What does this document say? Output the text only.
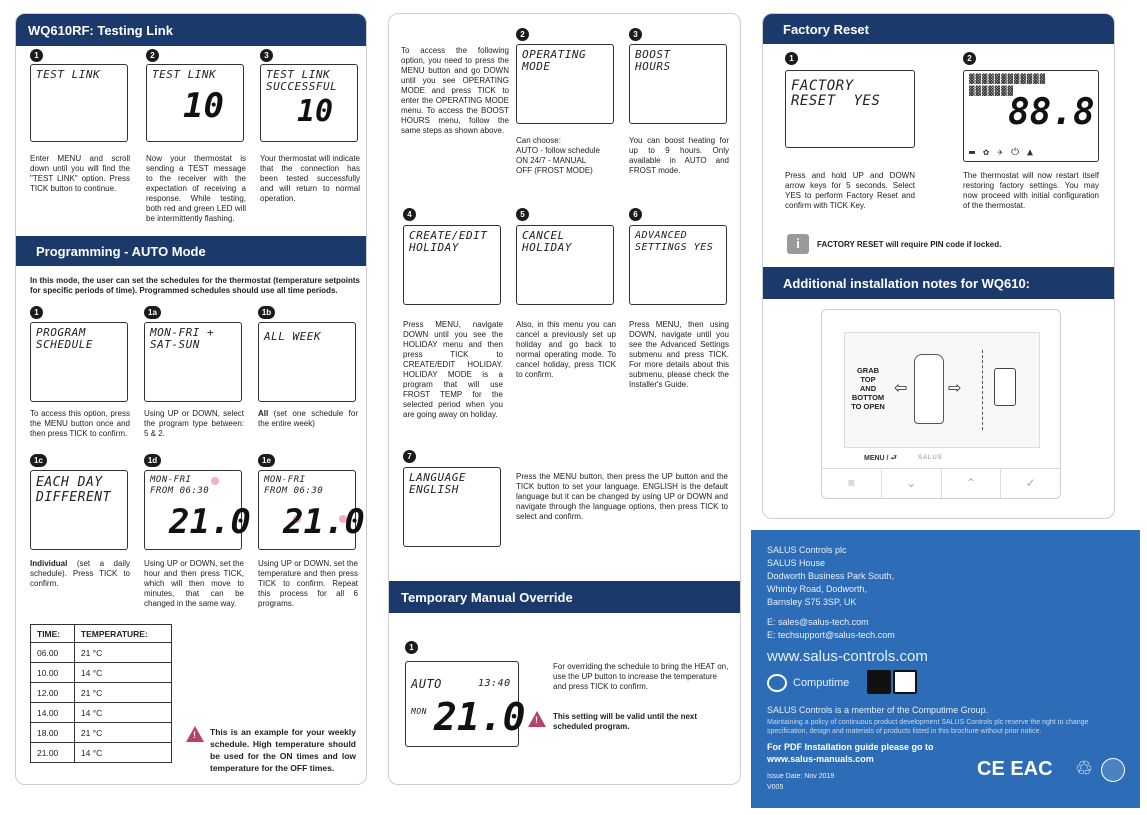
WQ610RF: Testing Link
1
TEST LINK
Enter MENU and scroll down until you will find the "TEST LINK" option. Press TICK button to continue.
2
TEST LINK
10
Now your thermostat is sending a TEST message to the receiver with the expectation of receiving a response. While testing, both red and green LED will be intermittently flashing.
3
TEST LINK
SUCCESSFUL
10
Your thermostat will indicate that the connection has been tested successfully and will return to normal operation.
Programming - AUTO Mode
In this mode, the user can set the schedules for the thermostat (temperature setpoints for specific periods of time). Programmed schedules should use all time periods.
1
PROGRAM
SCHEDULE
To access this option, press the MENU button once and then press TICK to confirm.
1a
MON-FRI +
SAT-SUN
Using UP or DOWN, select the program type between: 5 & 2.
1b
ALL WEEK
All (set one schedule for the entire week)
1c
EACH DAY
DIFFERENT
Individual (set a daily schedule). Press TICK to confirm.
1d
MON-FRI
FROM 06:30
21.0
Using UP or DOWN, set the hour and then press TICK, which will then move to minutes, that can be changed in the same way.
1e
MON-FRI
FROM 06:30
21.0
Using UP or DOWN, set the temperature and then press TICK to confirm. Repeat this process for all 6 programs.
TIME:	TEMPERATURE:
06.00	21 °C
10.00	14 °C
12.00	21 °C
14.00	14 °C
18.00	21 °C
21.00	14 °C
! This is an example for your weekly schedule. High temperature should be used for the ON times and low temperature for the OFF times.
To access the following option, you need to press the MENU button and go DOWN until you see OPERATING MODE and press TICK to enter the OPERATING MODE menu. To access the BOOST HOURS menu, follow the same steps as shown above.
2
OPERATING
MODE
Can choose:
AUTO - follow schedule
ON 24/7 - MANUAL
OFF (FROST MODE)
3
BOOST
HOURS
You can boost heating for up to 9 hours. Only available in AUTO and FROST mode.
4
CREATE/EDIT
HOLIDAY
Press MENU, navigate DOWN until you see the HOLIDAY menu and then press TICK to CREATE/EDIT HOLIDAY. HOLIDAY MODE is a program that will use FROST TEMP for the selected period when you are going away on holiday.
5
CANCEL
HOLIDAY
Also, in this menu you can cancel a previously set up holiday and go back to normal operating mode. To cancel holiday, press TICK to confirm.
6
ADVANCED
SETTINGS YES
Press MENU, then using DOWN, navigate until you see the Advanced Settings submenu and press TICK. For more details about this submenu, please check the Installer's Guide.
7
LANGUAGE
ENGLISH
Press the MENU button, then press the UP button and the TICK button to set your language. ENGLISH is the default language but it can be changed by using UP or DOWN and navigate through the language options, then press TICK to select and confirm.
Temporary Manual Override
1
AUTO	13:40
MON 21.0
For overriding the schedule to bring the HEAT on, use the UP button to increase the temperature and press TICK to confirm.
! This setting will be valid until the next scheduled program.
Factory Reset
1
FACTORY
RESET  YES
Press and hold UP and DOWN arrow keys for 5 seconds. Select YES to perform Factory Reset and confirm with TICK Key.
2
▓▓▓▓▓▓▓▓▓▓▓▓
▓▓▓▓▓▓▓
88.8
▬ ✿ ✈ ⏻ ▲
The thermostat will now restart itself restoring factory settings. You may now proceed with initial configuration of the thermostat.
i	FACTORY RESET will require PIN code if locked.
Additional installation notes for WQ610:
GRAB
TOP
AND
BOTTOM
TO OPEN
⇦	⇨
MENU / ⮐	SALUS
≡	⌄	⌃	✓
SALUS Controls plc
SALUS House
Dodworth Business Park South,
Whinby Road, Dodworth,
Barnsley S75 3SP, UK
E: sales@salus-tech.com
E: techsupport@salus-tech.com
www.salus-controls.com
Computime
SALUS Controls is a member of the Computime Group.
Maintaining a policy of continuous product development SALUS Controls plc reserve the right to change specification, design and materials of products listed in this brochure without prior notice.
For PDF Installation guide please go to
www.salus-manuals.com
Issue Date: Nov 2019
V005
CE EAC ♲
